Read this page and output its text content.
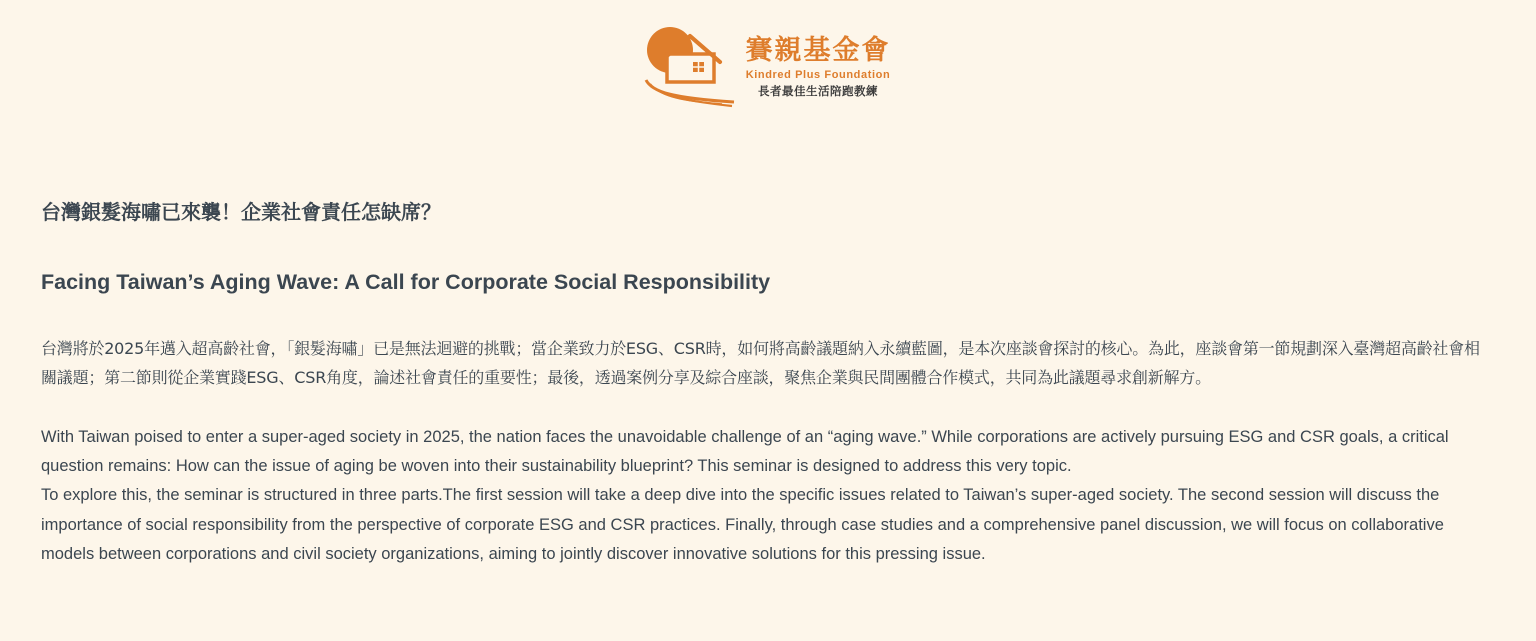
賽親基金會
Kindred Plus Foundation
長者最佳生活陪跑教練
台灣銀髮海嘯已來襲！企業社會責任怎缺席？
Facing Taiwan’s Aging Wave: A Call for Corporate Social Responsibility

台灣將於2025年邁入超高齡社會，「銀髮海嘯」已是無法迴避的挑戰；當企業致力於ESG、CSR時，如何將高齡議題納入永續藍圖，是本次座談會探討的核心。為此，座談會第一節規劃深入臺灣超高齡社會相關議題；第二節則從企業實踐ESG、CSR角度，論述社會責任的重要性；最後，透過案例分享及綜合座談，聚焦企業與民間團體合作模式，共同為此議題尋求創新解方。

With Taiwan poised to enter a super-aged society in 2025, the nation faces the unavoidable challenge of an “aging wave.” While corporations are actively pursuing ESG and CSR goals, a critical question remains: How can the issue of aging be woven into their sustainability blueprint? This seminar is designed to address this very topic.
To explore this, the seminar is structured in three parts.The first session will take a deep dive into the specific issues related to Taiwan’s super-aged society. The second session will discuss the importance of social responsibility from the perspective of corporate ESG and CSR practices. Finally, through case studies and a comprehensive panel discussion, we will focus on collaborative models between corporations and civil society organizations, aiming to jointly discover innovative solutions for this pressing issue.
